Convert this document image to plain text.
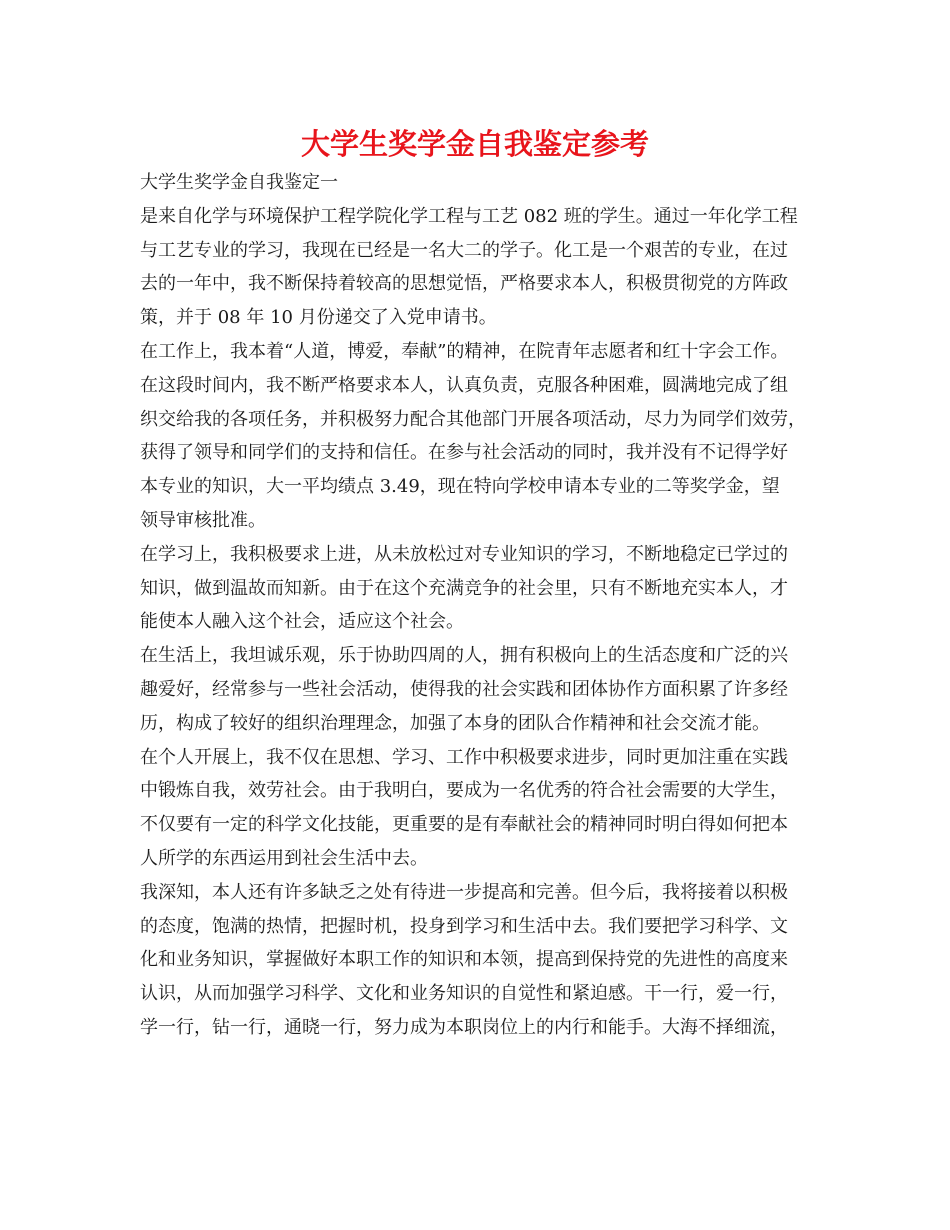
大学生奖学金自我鉴定参考
大学生奖学金自我鉴定一
是来自化学与环境保护工程学院化学工程与工艺 082 班的学生。通过一年化学工程
与工艺专业的学习，我现在已经是一名大二的学子。化工是一个艰苦的专业，在过
去的一年中，我不断保持着较高的思想觉悟，严格要求本人，积极贯彻党的方阵政
策，并于 08 年 10 月份递交了入党申请书。
在工作上，我本着“人道，博爱，奉献”的精神，在院青年志愿者和红十字会工作。
在这段时间内，我不断严格要求本人，认真负责，克服各种困难，圆满地完成了组
织交给我的各项任务，并积极努力配合其他部门开展各项活动，尽力为同学们效劳，
获得了领导和同学们的支持和信任。在参与社会活动的同时，我并没有不记得学好
本专业的知识，大一平均绩点 3.49，现在特向学校申请本专业的二等奖学金，望
领导审核批准。
在学习上，我积极要求上进，从未放松过对专业知识的学习，不断地稳定已学过的
知识，做到温故而知新。由于在这个充满竞争的社会里，只有不断地充实本人，才
能使本人融入这个社会，适应这个社会。
在生活上，我坦诚乐观，乐于协助四周的人，拥有积极向上的生活态度和广泛的兴
趣爱好，经常参与一些社会活动，使得我的社会实践和团体协作方面积累了许多经
历，构成了较好的组织治理理念，加强了本身的团队合作精神和社会交流才能。
在个人开展上，我不仅在思想、学习、工作中积极要求进步，同时更加注重在实践
中锻炼自我，效劳社会。由于我明白，要成为一名优秀的符合社会需要的大学生，
不仅要有一定的科学文化技能，更重要的是有奉献社会的精神同时明白得如何把本
人所学的东西运用到社会生活中去。
我深知，本人还有许多缺乏之处有待进一步提高和完善。但今后，我将接着以积极
的态度，饱满的热情，把握时机，投身到学习和生活中去。我们要把学习科学、文
化和业务知识，掌握做好本职工作的知识和本领，提高到保持党的先进性的高度来
认识，从而加强学习科学、文化和业务知识的自觉性和紧迫感。干一行，爱一行，
学一行，钻一行，通晓一行，努力成为本职岗位上的内行和能手。大海不择细流，
